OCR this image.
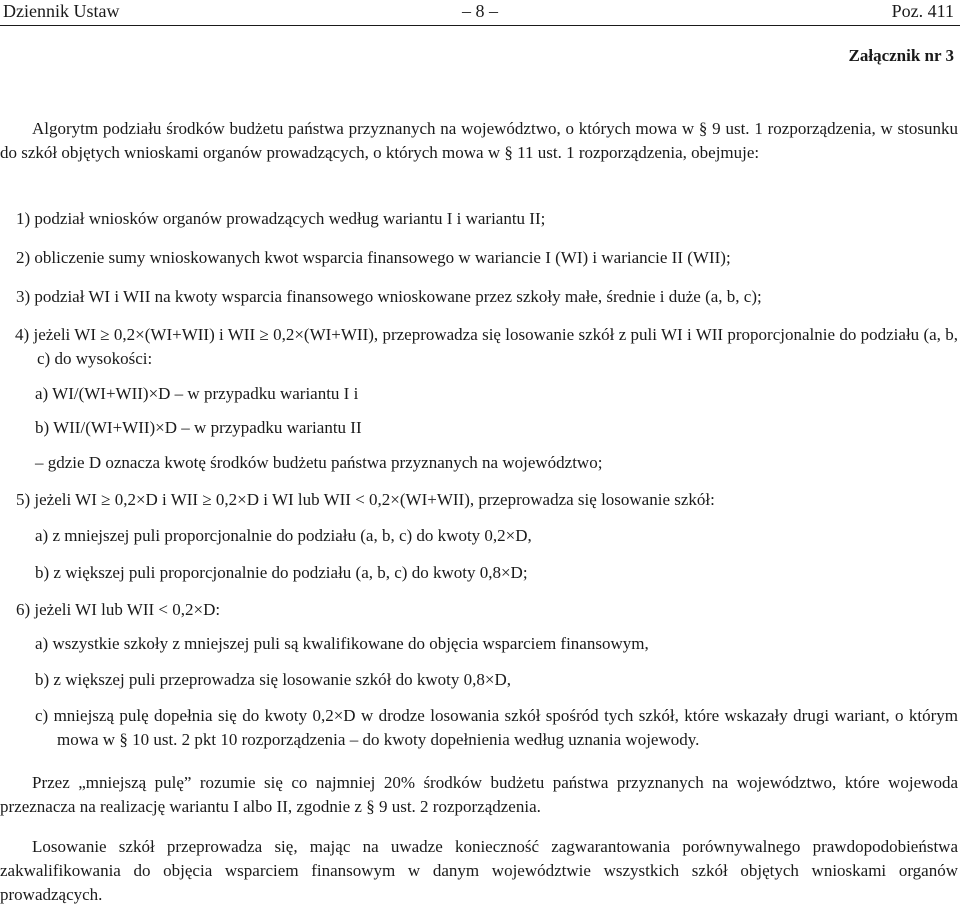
Dziennik Ustaw	– 8 –	Poz. 411
Załącznik nr 3

Algorytm podziału środków budżetu państwa przyznanych na województwo, o których mowa w § 9 ust. 1 rozporządzenia, w stosunku do szkół objętych wnioskami organów prowadzących, o których mowa w § 11 ust. 1 rozporządzenia, obejmuje:

1) podział wniosków organów prowadzących według wariantu I i wariantu II;

2) obliczenie sumy wnioskowanych kwot wsparcia finansowego w wariancie I (WI) i wariancie II (WII);

3) podział WI i WII na kwoty wsparcia finansowego wnioskowane przez szkoły małe, średnie i duże (a, b, c);

4) jeżeli WI ≥ 0,2×(WI+WII) i WII ≥ 0,2×(WI+WII), przeprowadza się losowanie szkół z puli WI i WII proporcjonalnie do podziału (a, b, c) do wysokości:

a) WI/(WI+WII)×D – w przypadku wariantu I i

b) WII/(WI+WII)×D – w przypadku wariantu II

– gdzie D oznacza kwotę środków budżetu państwa przyznanych na województwo;

5) jeżeli WI ≥ 0,2×D i WII ≥ 0,2×D i WI lub WII < 0,2×(WI+WII), przeprowadza się losowanie szkół:

a) z mniejszej puli proporcjonalnie do podziału (a, b, c) do kwoty 0,2×D,

b) z większej puli proporcjonalnie do podziału (a, b, c) do kwoty 0,8×D;

6) jeżeli WI lub WII < 0,2×D:

a) wszystkie szkoły z mniejszej puli są kwalifikowane do objęcia wsparciem finansowym,

b) z większej puli przeprowadza się losowanie szkół do kwoty 0,8×D,

c) mniejszą pulę dopełnia się do kwoty 0,2×D w drodze losowania szkół spośród tych szkół, które wskazały drugi wariant, o którym mowa w § 10 ust. 2 pkt 10 rozporządzenia – do kwoty dopełnienia według uznania wojewody.

Przez „mniejszą pulę” rozumie się co najmniej 20% środków budżetu państwa przyznanych na województwo, które wojewoda przeznacza na realizację wariantu I albo II, zgodnie z § 9 ust. 2 rozporządzenia.

Losowanie szkół przeprowadza się, mając na uwadze konieczność zagwarantowania porównywalnego prawdopodobieństwa zakwalifikowania do objęcia wsparciem finansowym w danym województwie wszystkich szkół objętych wnioskami organów prowadzących.
